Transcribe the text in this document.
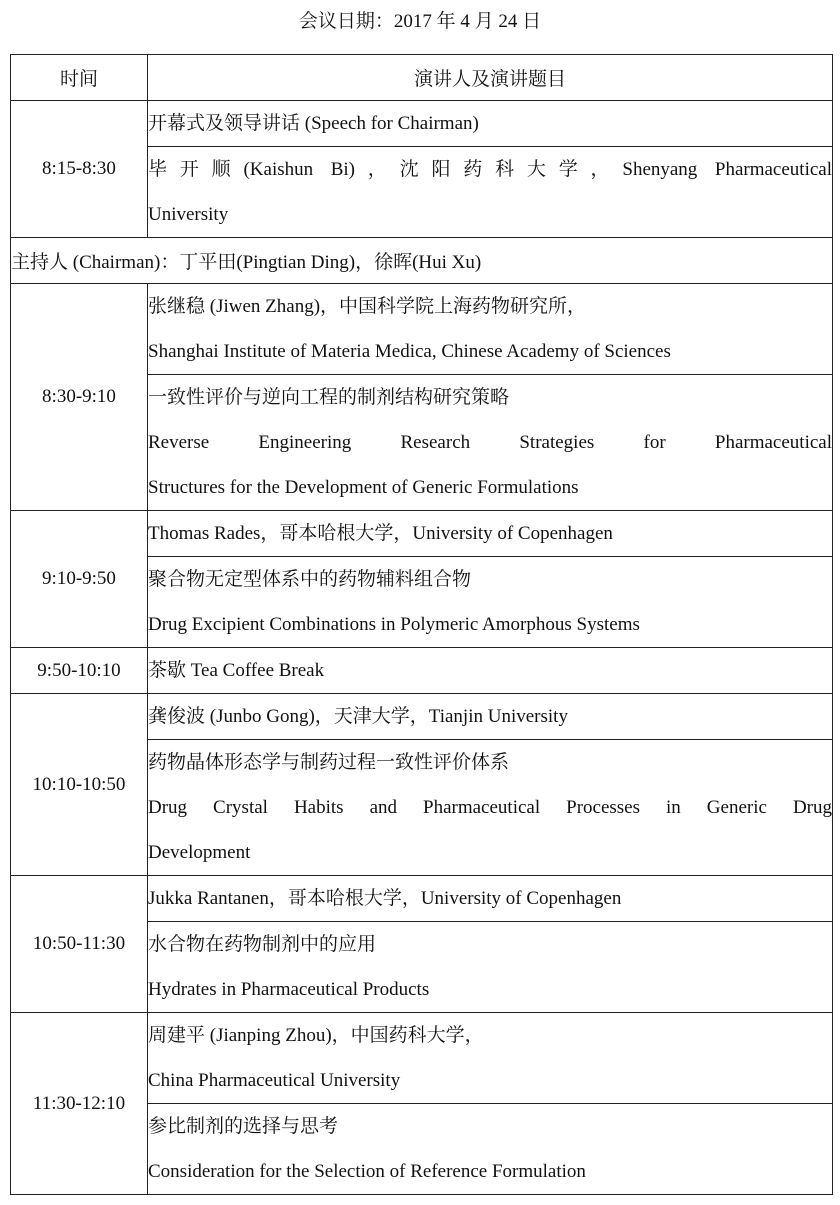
会议日期：2017 年 4 月 24 日
时间	演讲人及演讲题目
8:15-8:30	开幕式及领导讲话 (Speech for Chairman)

	毕开顺(Kaishun Bi)，沈阳药科大学，Shenyang Pharmaceutical
University

主持人 (Chairman)：丁平田(Pingtian Ding)，徐晖(Hui Xu)	
8:30-9:10	张继稳 (Jiwen Zhang)，中国科学院上海药物研究所，
Shanghai Institute of Materia Medica, Chinese Academy of Sciences

	一致性评价与逆向工程的制剂结构研究策略
Reverse Engineering Research Strategies for Pharmaceutical
Structures for the Development of Generic Formulations

9:10-9:50	Thomas Rades，哥本哈根大学，University of Copenhagen

	聚合物无定型体系中的药物辅料组合物
Drug Excipient Combinations in Polymeric Amorphous Systems

9:50-10:10	茶歇 Tea Coffee Break

10:10-10:50	龚俊波 (Junbo Gong)，天津大学，Tianjin University

	药物晶体形态学与制药过程一致性评价体系
Drug Crystal Habits and Pharmaceutical Processes in Generic Drug
Development

10:50-11:30	Jukka Rantanen，哥本哈根大学，University of Copenhagen

	水合物在药物制剂中的应用
Hydrates in Pharmaceutical Products

11:30-12:10	周建平 (Jianping Zhou)，中国药科大学，
China Pharmaceutical University

	参比制剂的选择与思考
Consideration for the Selection of Reference Formulation
